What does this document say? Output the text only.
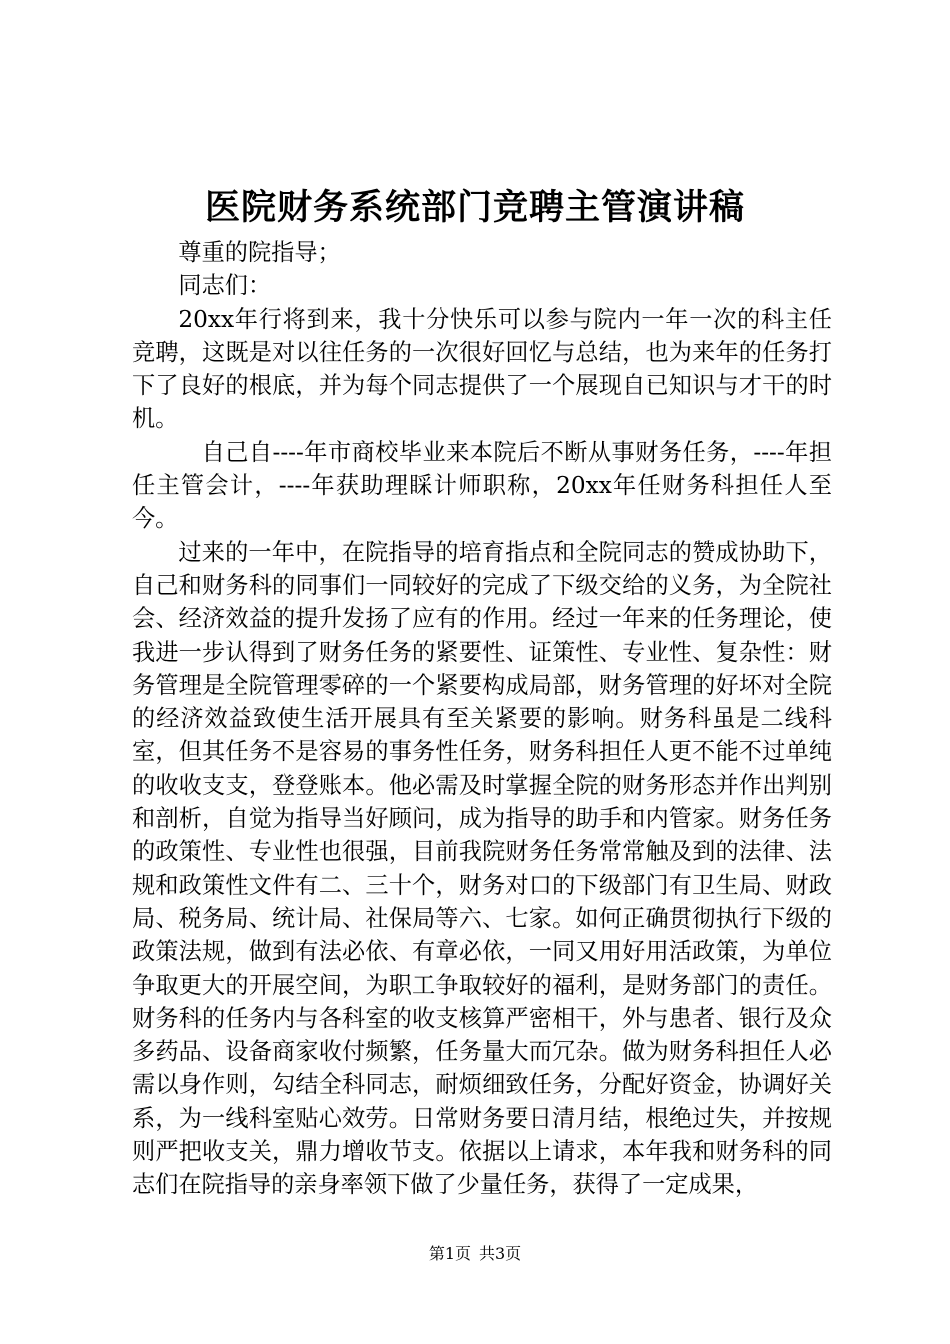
医院财务系统部门竞聘主管演讲稿

尊重的院指导；

同志们：

20xx年行将到来，我十分快乐可以参与院内一年一次的科主任竞聘，这既是对以往任务的一次很好回忆与总结，也为来年的任务打下了良好的根底，并为每个同志提供了一个展现自已知识与才干的时机。

自己自----年市商校毕业来本院后不断从事财务任务，----年担任主管会计，----年获助理睬计师职称，20xx年任财务科担任人至今。

过来的一年中，在院指导的培育指点和全院同志的赞成协助下，自己和财务科的同事们一同较好的完成了下级交给的义务，为全院社会、经济效益的提升发扬了应有的作用。经过一年来的任务理论，使我进一步认得到了财务任务的紧要性、证策性、专业性、复杂性：财务管理是全院管理零碎的一个紧要构成局部，财务管理的好坏对全院的经济效益致使生活开展具有至关紧要的影响。财务科虽是二线科室，但其任务不是容易的事务性任务，财务科担任人更不能不过单纯的收收支支，登登账本。他必需及时掌握全院的财务形态并作出判别和剖析，自觉为指导当好顾问，成为指导的助手和内管家。财务任务的政策性、专业性也很强，目前我院财务任务常常触及到的法律、法规和政策性文件有二、三十个，财务对口的下级部门有卫生局、财政局、税务局、统计局、社保局等六、七家。如何正确贯彻执行下级的政策法规，做到有法必依、有章必依，一同又用好用活政策，为单位争取更大的开展空间，为职工争取较好的福利，是财务部门的责任。财务科的任务内与各科室的收支核算严密相干，外与患者、银行及众多药品、设备商家收付频繁，任务量大而冗杂。做为财务科担任人必需以身作则，勾结全科同志，耐烦细致任务，分配好资金，协调好关系，为一线科室贴心效劳。日常财务要日清月结，根绝过失，并按规则严把收支关，鼎力增收节支。依据以上请求，本年我和财务科的同志们在院指导的亲身率领下做了少量任务，获得了一定成果，

第1页 共3页
